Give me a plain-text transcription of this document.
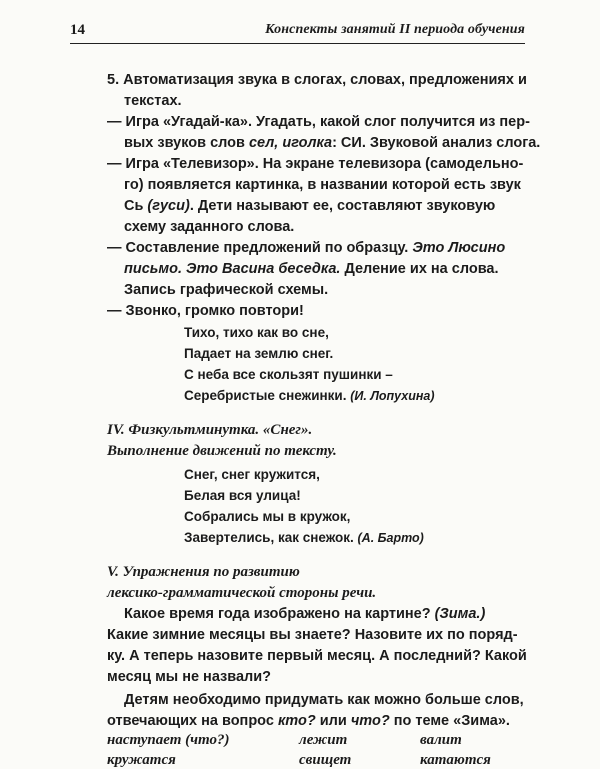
14	Конспекты занятий II периода обучения
5. Автоматизация звука в слогах, словах, предложениях и
текстах.
— Игра «Угадай-ка». Угадать, какой слог получится из пер-
вых звуков слов сел, иголка: СИ. Звуковой анализ слога.
— Игра «Телевизор». На экране телевизора (самодельно-
го) появляется картинка, в названии которой есть звук
Сь (гуси). Дети называют ее, составляют звуковую
схему заданного слова.
— Составление предложений по образцу. Это Люсино
письмо. Это Васина беседка. Деление их на слова.
Запись графической схемы.
— Звонко, громко повтори!
Тихо, тихо как во сне,
Падает на землю снег.
С неба все скользят пушинки –
Серебристые снежинки. (И. Лопухина)
IV. Физкультминутка. «Снег».
Выполнение движений по тексту.
Снег, снег кружится,
Белая вся улица!
Собрались мы в кружок,
Завертелись, как снежок. (А. Барто)
V. Упражнения по развитию
лексико-грамматической стороны речи.
Какое время года изображено на картине? (Зима.)
Какие зимние месяцы вы знаете? Назовите их по поряд-
ку. А теперь назовите первый месяц. А последний? Какой
месяц мы не назвали?
Детям необходимо придумать как можно больше слов,
отвечающих на вопрос кто? или что? по теме «Зима».
наступает (что?)	лежит	валит
кружатся	свищет	катаются
